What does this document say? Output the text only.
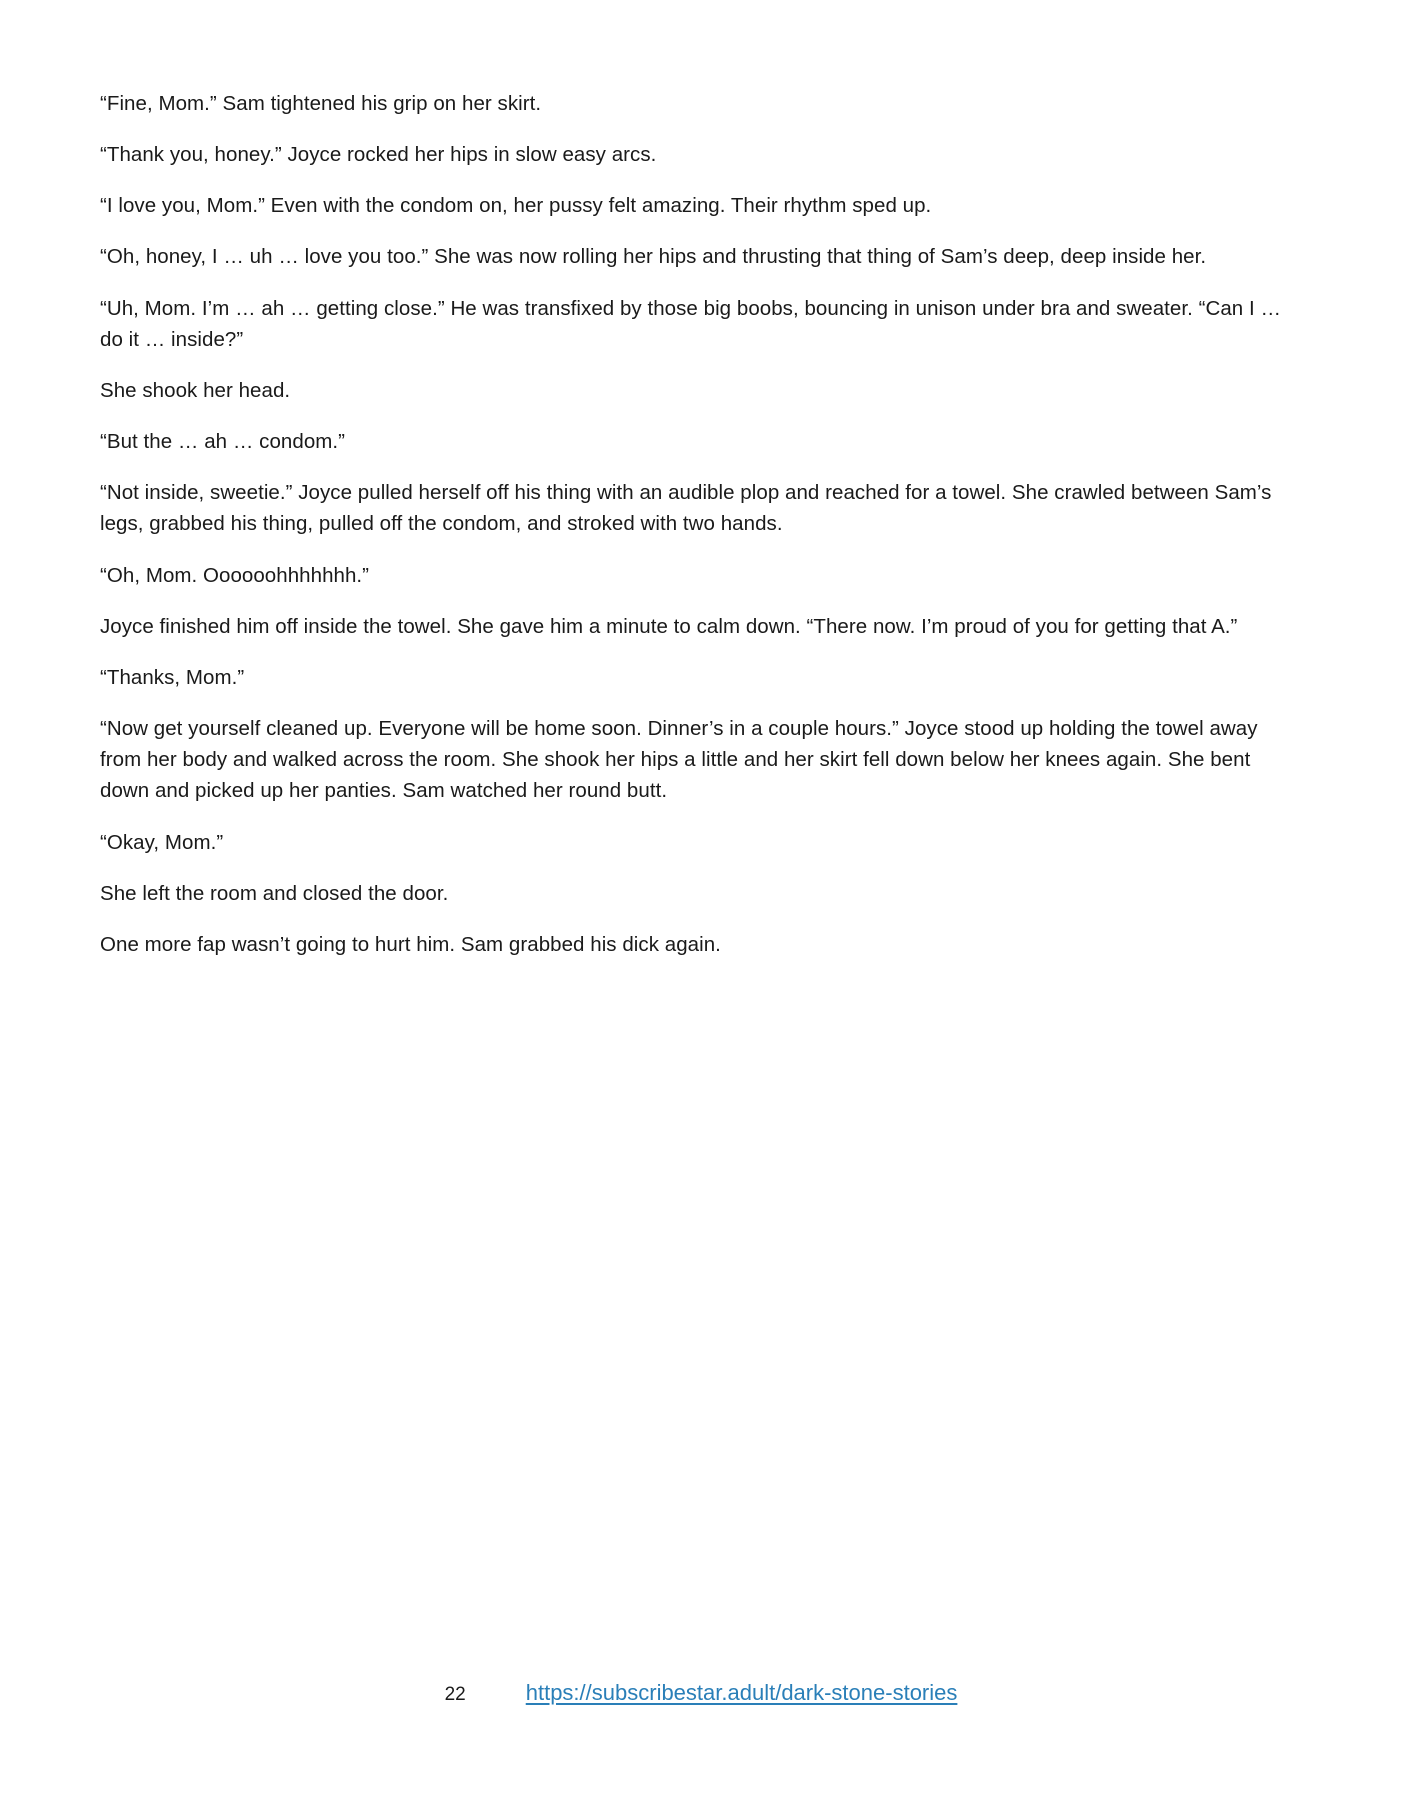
“Fine, Mom.” Sam tightened his grip on her skirt.

“Thank you, honey.” Joyce rocked her hips in slow easy arcs.

“I love you, Mom.” Even with the condom on, her pussy felt amazing. Their rhythm sped up.

“Oh, honey, I … uh … love you too.” She was now rolling her hips and thrusting that thing of Sam’s deep, deep inside her.

“Uh, Mom. I’m … ah … getting close.” He was transfixed by those big boobs, bouncing in unison under bra and sweater. “Can I … do it … inside?”

She shook her head.

“But the … ah … condom.”

“Not inside, sweetie.” Joyce pulled herself off his thing with an audible plop and reached for a towel. She crawled between Sam’s legs, grabbed his thing, pulled off the condom, and stroked with two hands.

“Oh, Mom. Oooooohhhhhhh.”

Joyce finished him off inside the towel. She gave him a minute to calm down. “There now. I’m proud of you for getting that A.”

“Thanks, Mom.”

“Now get yourself cleaned up. Everyone will be home soon. Dinner’s in a couple hours.” Joyce stood up holding the towel away from her body and walked across the room. She shook her hips a little and her skirt fell down below her knees again. She bent down and picked up her panties. Sam watched her round butt.

“Okay, Mom.”

She left the room and closed the door.

One more fap wasn’t going to hurt him. Sam grabbed his dick again.

22	https://subscribestar.adult/dark-stone-stories
